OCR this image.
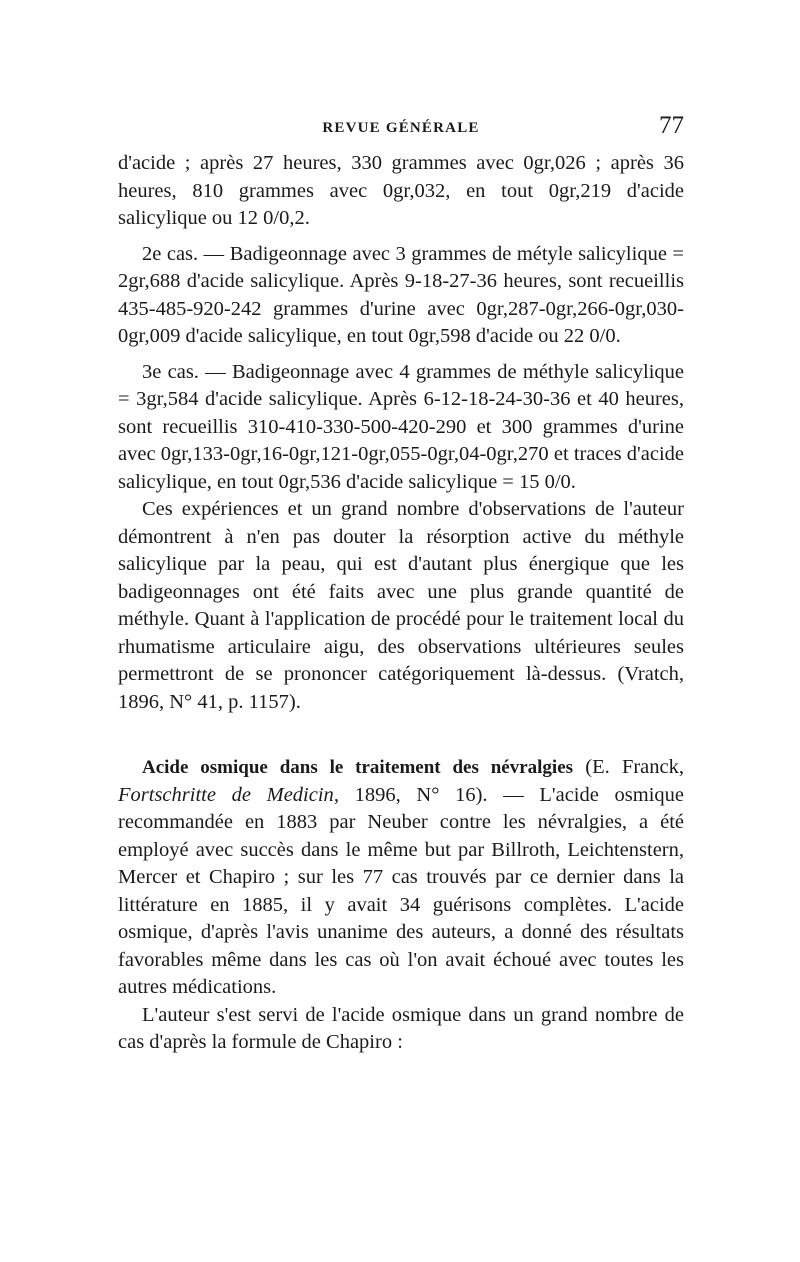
REVUE GÉNÉRALE	77

d'acide ; après 27 heures, 330 grammes avec 0gr,026 ; après 36 heures, 810 grammes avec 0gr,032, en tout 0gr,219 d'acide salicylique ou 12 0/0,2.

2e cas. — Badigeonnage avec 3 grammes de métyle salicylique = 2gr,688 d'acide salicylique. Après 9-18-27-36 heures, sont recueillis 435-485-920-242 grammes d'urine avec 0gr,287-0gr,266-0gr,030-0gr,009 d'acide salicylique, en tout 0gr,598 d'acide ou 22 0/0.

3e cas. — Badigeonnage avec 4 grammes de méthyle salicylique = 3gr,584 d'acide salicylique. Après 6-12-18-24-30-36 et 40 heures, sont recueillis 310-410-330-500-420-290 et 300 grammes d'urine avec 0gr,133-0gr,16-0gr,121-0gr,055-0gr,04-0gr,270 et traces d'acide salicylique, en tout 0gr,536 d'acide salicylique = 15 0/0.

Ces expériences et un grand nombre d'observations de l'auteur démontrent à n'en pas douter la résorption active du méthyle salicylique par la peau, qui est d'autant plus énergique que les badigeonnages ont été faits avec une plus grande quantité de méthyle. Quant à l'application de procédé pour le traitement local du rhumatisme articulaire aigu, des observations ultérieures seules permettront de se prononcer catégoriquement là-dessus. (Vratch, 1896, N° 41, p. 1157).

Acide osmique dans le traitement des névralgies (E. Franck, Fortschritte de Medicin, 1896, N° 16). — L'acide osmique recommandée en 1883 par Neuber contre les névralgies, a été employé avec succès dans le même but par Billroth, Leichtenstern, Mercer et Chapiro ; sur les 77 cas trouvés par ce dernier dans la littérature en 1885, il y avait 34 guérisons complètes. L'acide osmique, d'après l'avis unanime des auteurs, a donné des résultats favorables même dans les cas où l'on avait échoué avec toutes les autres médications.

L'auteur s'est servi de l'acide osmique dans un grand nombre de cas d'après la formule de Chapiro :
